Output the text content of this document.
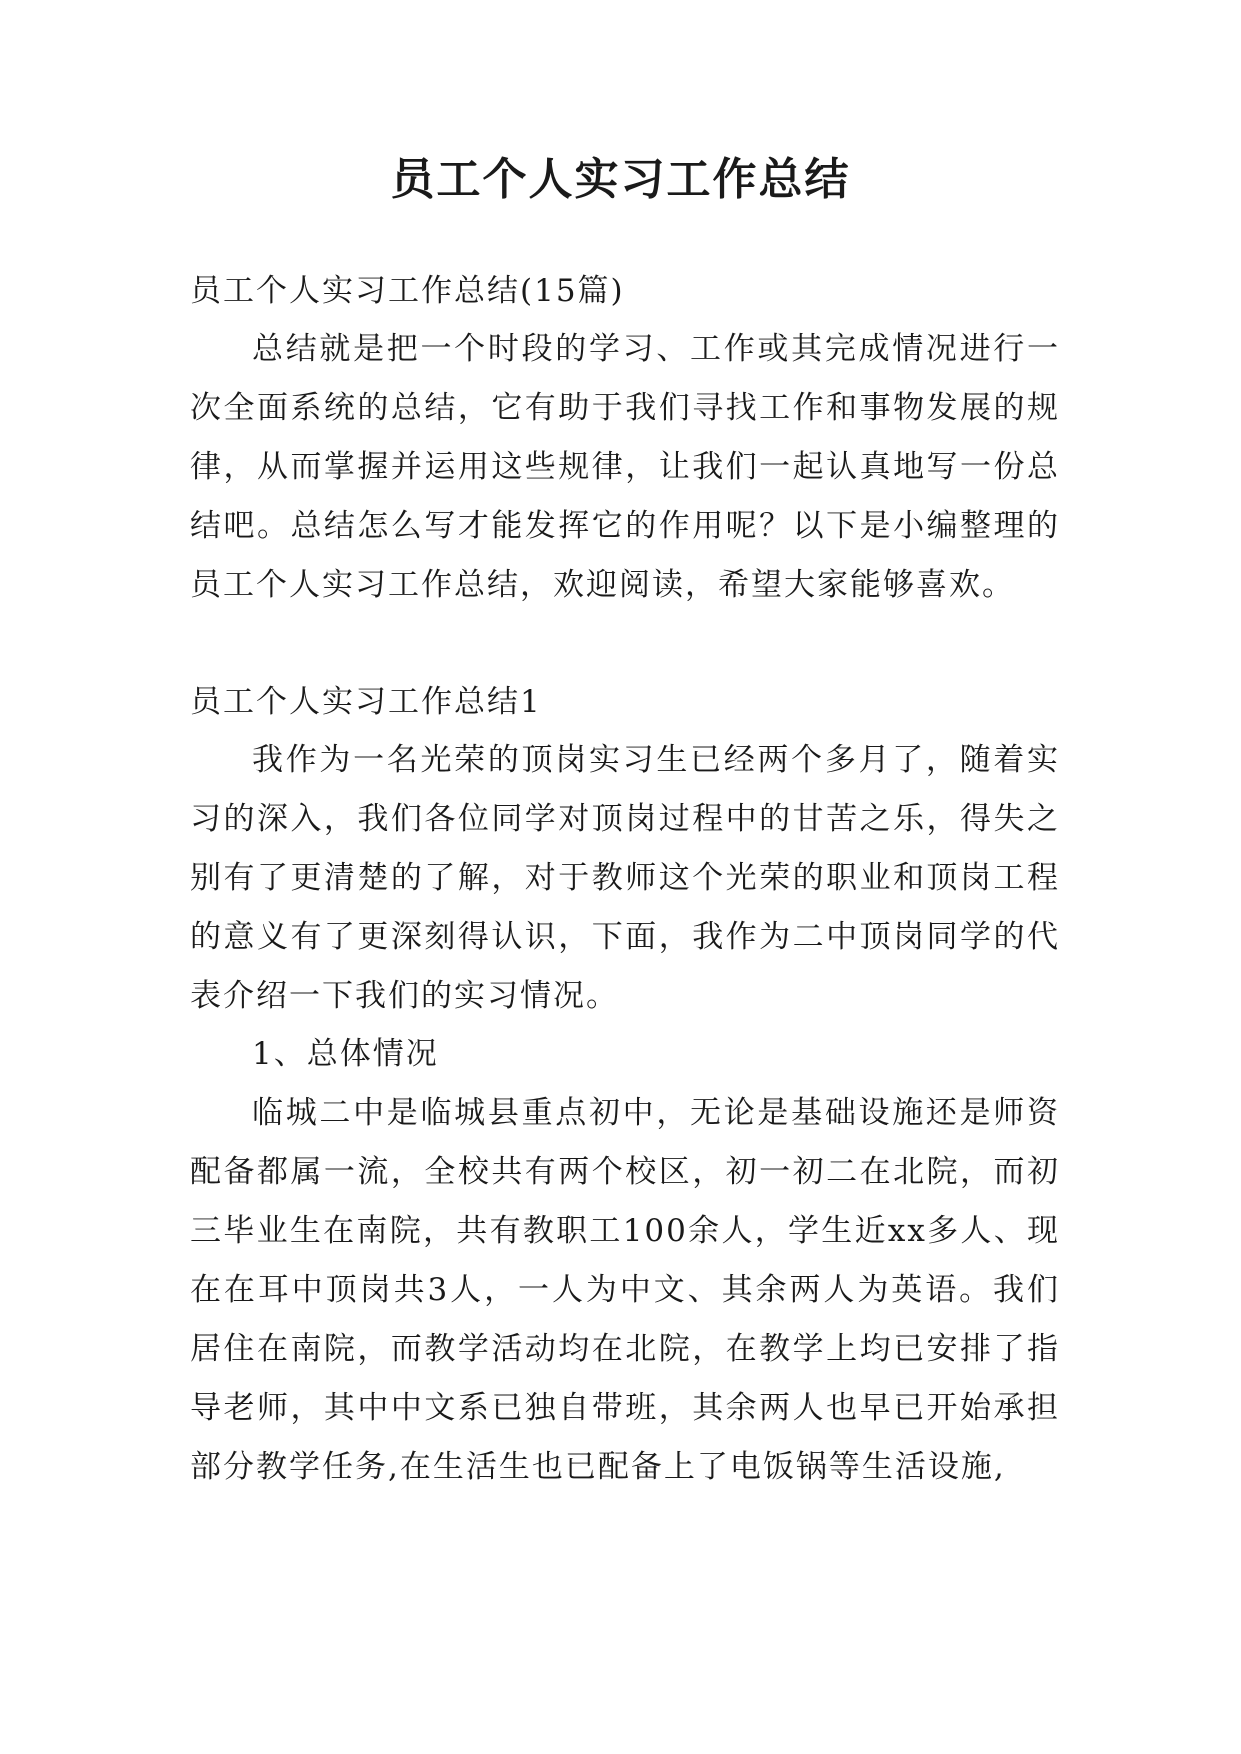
员工个人实习工作总结

员工个人实习工作总结(15篇)

总结就是把一个时段的学习、工作或其完成情况进行一次全面系统的总结，它有助于我们寻找工作和事物发展的规律，从而掌握并运用这些规律，让我们一起认真地写一份总结吧。总结怎么写才能发挥它的作用呢？以下是小编整理的员工个人实习工作总结，欢迎阅读，希望大家能够喜欢。

员工个人实习工作总结1

我作为一名光荣的顶岗实习生已经两个多月了，随着实习的深入，我们各位同学对顶岗过程中的甘苦之乐，得失之别有了更清楚的了解，对于教师这个光荣的职业和顶岗工程的意义有了更深刻得认识，下面，我作为二中顶岗同学的代表介绍一下我们的实习情况。

1、总体情况

临城二中是临城县重点初中，无论是基础设施还是师资配备都属一流，全校共有两个校区，初一初二在北院，而初三毕业生在南院，共有教职工100余人，学生近xx多人、现在在耳中顶岗共3人，一人为中文、其余两人为英语。我们居住在南院，而教学活动均在北院，在教学上均已安排了指导老师，其中中文系已独自带班，其余两人也早已开始承担部分教学任务,在生活生也已配备上了电饭锅等生活设施,
